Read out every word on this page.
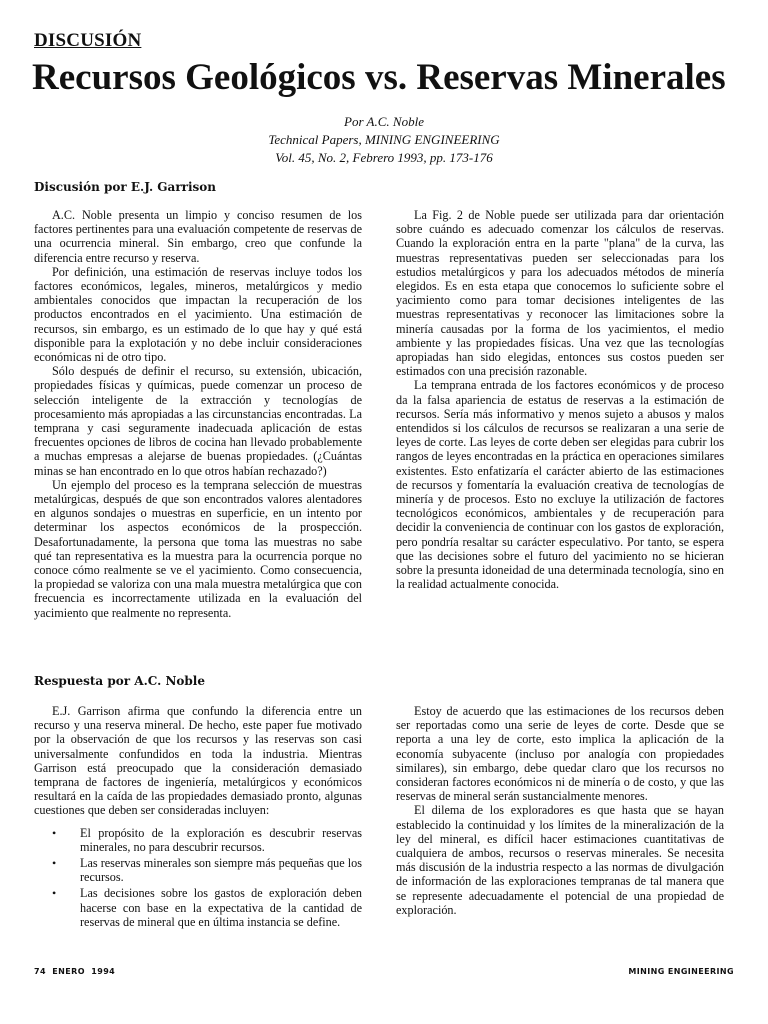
DISCUSIÓN
Recursos Geológicos vs. Reservas Minerales
Por A.C. Noble
Technical Papers, MINING ENGINEERING
Vol. 45, No. 2, Febrero 1993, pp. 173-176
Discusión por E.J. Garrison

A.C. Noble presenta un limpio y conciso resumen de los factores pertinentes para una evaluación competente de reservas de una ocurrencia mineral. Sin embargo, creo que confunde la diferencia entre recurso y reserva.

Por definición, una estimación de reservas incluye todos los factores económicos, legales, mineros, metalúrgicos y medio ambientales conocidos que impactan la recuperación de los productos encontrados en el yacimiento. Una estimación de recursos, sin embargo, es un estimado de lo que hay y qué está disponible para la explotación y no debe incluir consideraciones económicas ni de otro tipo.

Sólo después de definir el recurso, su extensión, ubicación, propiedades físicas y químicas, puede comenzar un proceso de selección inteligente de la extracción y tecnologías de procesamiento más apropiadas a las circunstancias encontradas. La temprana y casi seguramente inadecuada aplicación de estas frecuentes opciones de libros de cocina han llevado probablemente a muchas empresas a alejarse de buenas propiedades. (¿Cuántas minas se han encontrado en lo que otros habían rechazado?)

Un ejemplo del proceso es la temprana selección de muestras metalúrgicas, después de que son encontrados valores alentadores en algunos sondajes o muestras en superficie, en un intento por determinar los aspectos económicos de la prospección. Desafortunadamente, la persona que toma las muestras no sabe qué tan representativa es la muestra para la ocurrencia porque no conoce cómo realmente se ve el yacimiento. Como consecuencia, la propiedad se valoriza con una mala muestra metalúrgica que con frecuencia es incorrectamente utilizada en la evaluación del yacimiento que realmente no representa.

La Fig. 2 de Noble puede ser utilizada para dar orientación sobre cuándo es adecuado comenzar los cálculos de reservas. Cuando la exploración entra en la parte "plana" de la curva, las muestras representativas pueden ser seleccionadas para los estudios metalúrgicos y para los adecuados métodos de minería elegidos. Es en esta etapa que conocemos lo suficiente sobre el yacimiento como para tomar decisiones inteligentes de las muestras representativas y reconocer las limitaciones sobre la minería causadas por la forma de los yacimientos, el medio ambiente y las propiedades físicas. Una vez que las tecnologías apropiadas han sido elegidas, entonces sus costos pueden ser estimados con una precisión razonable.

La temprana entrada de los factores económicos y de proceso da la falsa apariencia de estatus de reservas a la estimación de recursos. Sería más informativo y menos sujeto a abusos y malos entendidos si los cálculos de recursos se realizaran a una serie de leyes de corte. Las leyes de corte deben ser elegidas para cubrir los rangos de leyes encontradas en la práctica en operaciones similares existentes. Esto enfatizaría el carácter abierto de las estimaciones de recursos y fomentaría la evaluación creativa de tecnologías de minería y de procesos. Esto no excluye la utilización de factores tecnológicos económicos, ambientales y de recuperación para decidir la conveniencia de continuar con los gastos de exploración, pero pondría resaltar su carácter especulativo. Por tanto, se espera que las decisiones sobre el futuro del yacimiento no se hicieran sobre la presunta idoneidad de una determinada tecnología, sino en la realidad actualmente conocida.

Respuesta por A.C. Noble

E.J. Garrison afirma que confundo la diferencia entre un recurso y una reserva mineral. De hecho, este paper fue motivado por la observación de que los recursos y las reservas son casi universalmente confundidos en toda la industria. Mientras Garrison está preocupado que la consideración demasiado temprana de factores de ingeniería, metalúrgicos y económicos resultará en la caída de las propiedades demasiado pronto, algunas cuestiones que deben ser consideradas incluyen:

• El propósito de la exploración es descubrir reservas minerales, no para descubrir recursos.
• Las reservas minerales son siempre más pequeñas que los recursos.
• Las decisiones sobre los gastos de exploración deben hacerse con base en la expectativa de la cantidad de reservas de mineral que en última instancia se define.

Estoy de acuerdo que las estimaciones de los recursos deben ser reportadas como una serie de leyes de corte. Desde que se reporta a una ley de corte, esto implica la aplicación de la economía subyacente (incluso por analogía con propiedades similares), sin embargo, debe quedar claro que los recursos no consideran factores económicos ni de minería o de costo, y que las reservas de mineral serán sustancialmente menores.

El dilema de los exploradores es que hasta que se hayan establecido la continuidad y los límites de la mineralización de la ley del mineral, es difícil hacer estimaciones cuantitativas de cualquiera de ambos, recursos o reservas minerales. Se necesita más discusión de la industria respecto a las normas de divulgación de información de las exploraciones tempranas de tal manera que se represente adecuadamente el potencial de una propiedad de exploración.

74  ENERO  1994	MINING ENGINEERING
